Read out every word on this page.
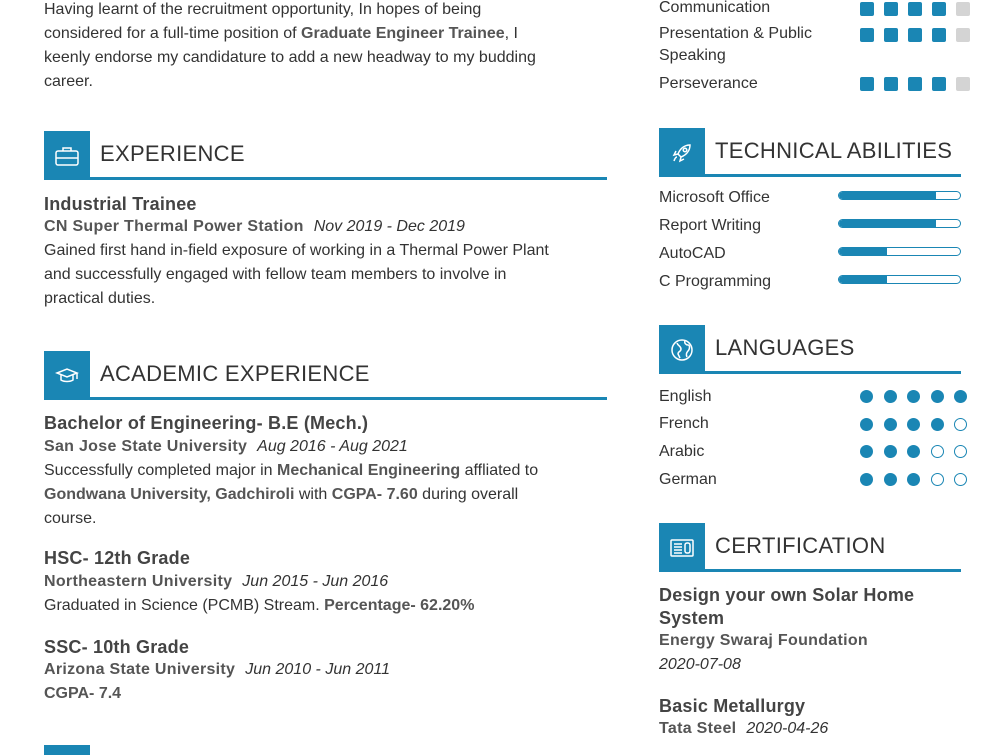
Having learnt of the recruitment opportunity, In hopes of being
considered for a full-time position of Graduate Engineer Trainee, I
keenly endorse my candidature to add a new headway to my budding
career.
EXPERIENCE
Industrial Trainee
CN Super Thermal Power Station Nov 2019 - Dec 2019
Gained first hand in-field exposure of working in a Thermal Power Plant
and successfully engaged with fellow team members to involve in
practical duties.
ACADEMIC EXPERIENCE
Bachelor of Engineering- B.E (Mech.)
San Jose State University Aug 2016 - Aug 2021
Successfully completed major in Mechanical Engineering affliated to
Gondwana University, Gadchiroli with CGPA- 7.60 during overall
course.
HSC- 12th Grade
Northeastern University Jun 2015 - Jun 2016
Graduated in Science (PCMB) Stream. Percentage- 62.20%
SSC- 10th Grade
Arizona State University Jun 2010 - Jun 2011
CGPA- 7.4
Communication
Presentation & Public
Speaking
Perseverance
TECHNICAL ABILITIES
Microsoft Office
Report Writing
AutoCAD
C Programming
LANGUAGES
English
French
Arabic
German
CERTIFICATION
Design your own Solar Home
System
Energy Swaraj Foundation
2020-07-08
Basic Metallurgy
Tata Steel 2020-04-26
